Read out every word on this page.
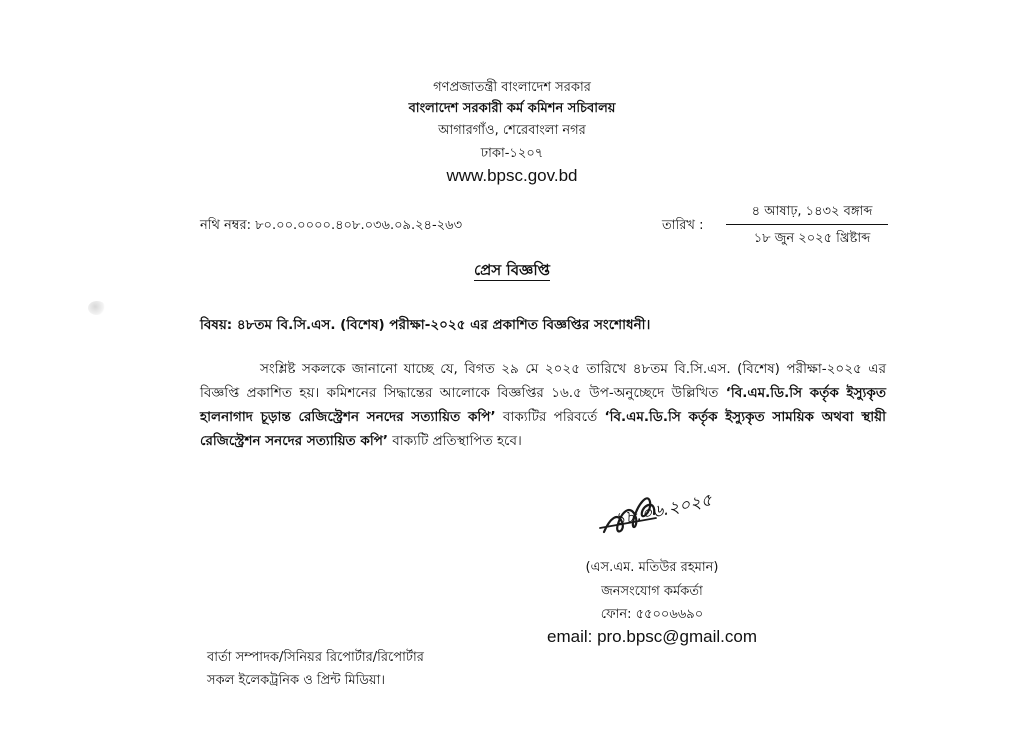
গণপ্রজাতন্ত্রী বাংলাদেশ সরকার
বাংলাদেশ সরকারী কর্ম কমিশন সচিবালয়
আগারগাঁও, শেরেবাংলা নগর
ঢাকা-১২০৭
www.bpsc.gov.bd
নথি নম্বর: ৮০.০০.০০০০.৪০৮.০৩৬.০৯.২৪-২৬৩	তারিখ :
৪ আষাঢ়, ১৪৩২ বঙ্গাব্দ
১৮ জুন ২০২৫ খ্রিষ্টাব্দ
প্রেস বিজ্ঞপ্তি
বিষয়: ৪৮তম বি.সি.এস. (বিশেষ) পরীক্ষা-২০২৫ এর প্রকাশিত বিজ্ঞপ্তির সংশোধনী।
সংশ্লিষ্ট সকলকে জানানো যাচ্ছে যে, বিগত ২৯ মে ২০২৫ তারিখে ৪৮তম বি.সি.এস. (বিশেষ) পরীক্ষা-২০২৫ এর বিজ্ঞপ্তি প্রকাশিত হয়। কমিশনের সিদ্ধান্তের আলোকে বিজ্ঞপ্তির ১৬.৫ উপ-অনুচ্ছেদে উল্লিখিত ‘বি.এম.ডি.সি কর্তৃক ইস্যুকৃত হালনাগাদ চূড়ান্ত রেজিস্ট্রেশন সনদের সত্যায়িত কপি’ বাক্যটির পরিবর্তে ‘বি.এম.ডি.সি কর্তৃক ইস্যুকৃত সাময়িক অথবা স্থায়ী রেজিস্ট্রেশন সনদের সত্যায়িত কপি’ বাক্যটি প্রতিস্থাপিত হবে।
১৮.০৬.২০২৫
(এস.এম. মতিউর রহমান)
জনসংযোগ কর্মকর্তা
ফোন: ৫৫০০৬৬৯০
email: pro.bpsc@gmail.com
বার্তা সম্পাদক/সিনিয়র রিপোর্টার/রিপোর্টার
সকল ইলেকট্রনিক ও প্রিন্ট মিডিয়া।
